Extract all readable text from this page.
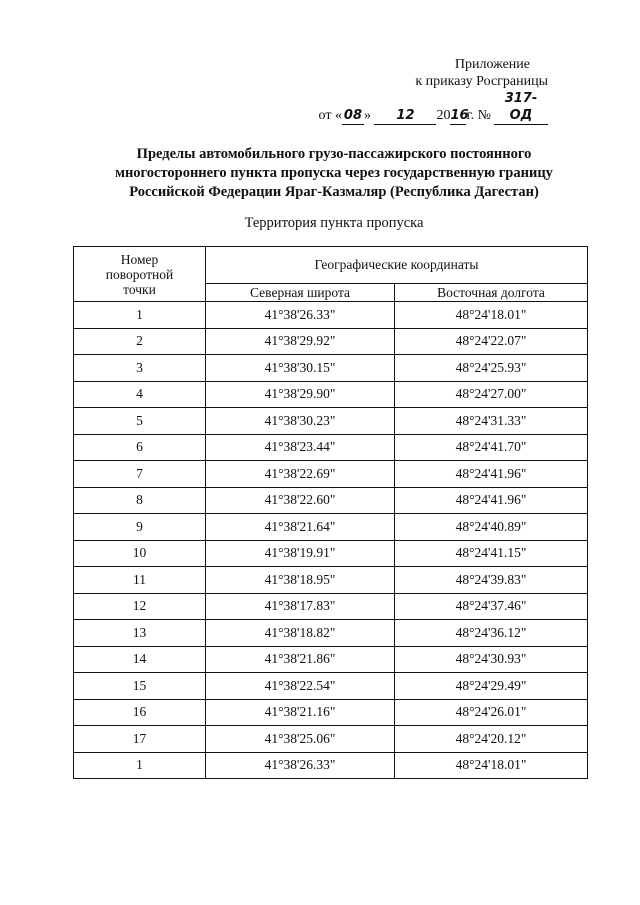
Приложение
к приказу Росграницы
от « 08 » 12 2016г. №317-ОД
Пределы автомобильного грузо-пассажирского постоянного
многостороннего пункта пропуска через государственную границу
Российской Федерации Яраг-Казмаляр (Республика Дагестан)
Территория пункта пропуска
Номер
поворотной
точки	Географические координаты	
	Северная широта	Восточная долгота
1	41°38'26.33"	48°24'18.01"
2	41°38'29.92"	48°24'22.07"
3	41°38'30.15"	48°24'25.93"
4	41°38'29.90"	48°24'27.00"
5	41°38'30.23"	48°24'31.33"
6	41°38'23.44"	48°24'41.70"
7	41°38'22.69"	48°24'41.96"
8	41°38'22.60"	48°24'41.96"
9	41°38'21.64"	48°24'40.89"
10	41°38'19.91"	48°24'41.15"
11	41°38'18.95"	48°24'39.83"
12	41°38'17.83"	48°24'37.46"
13	41°38'18.82"	48°24'36.12"
14	41°38'21.86"	48°24'30.93"
15	41°38'22.54"	48°24'29.49"
16	41°38'21.16"	48°24'26.01"
17	41°38'25.06"	48°24'20.12"
1	41°38'26.33"	48°24'18.01"
